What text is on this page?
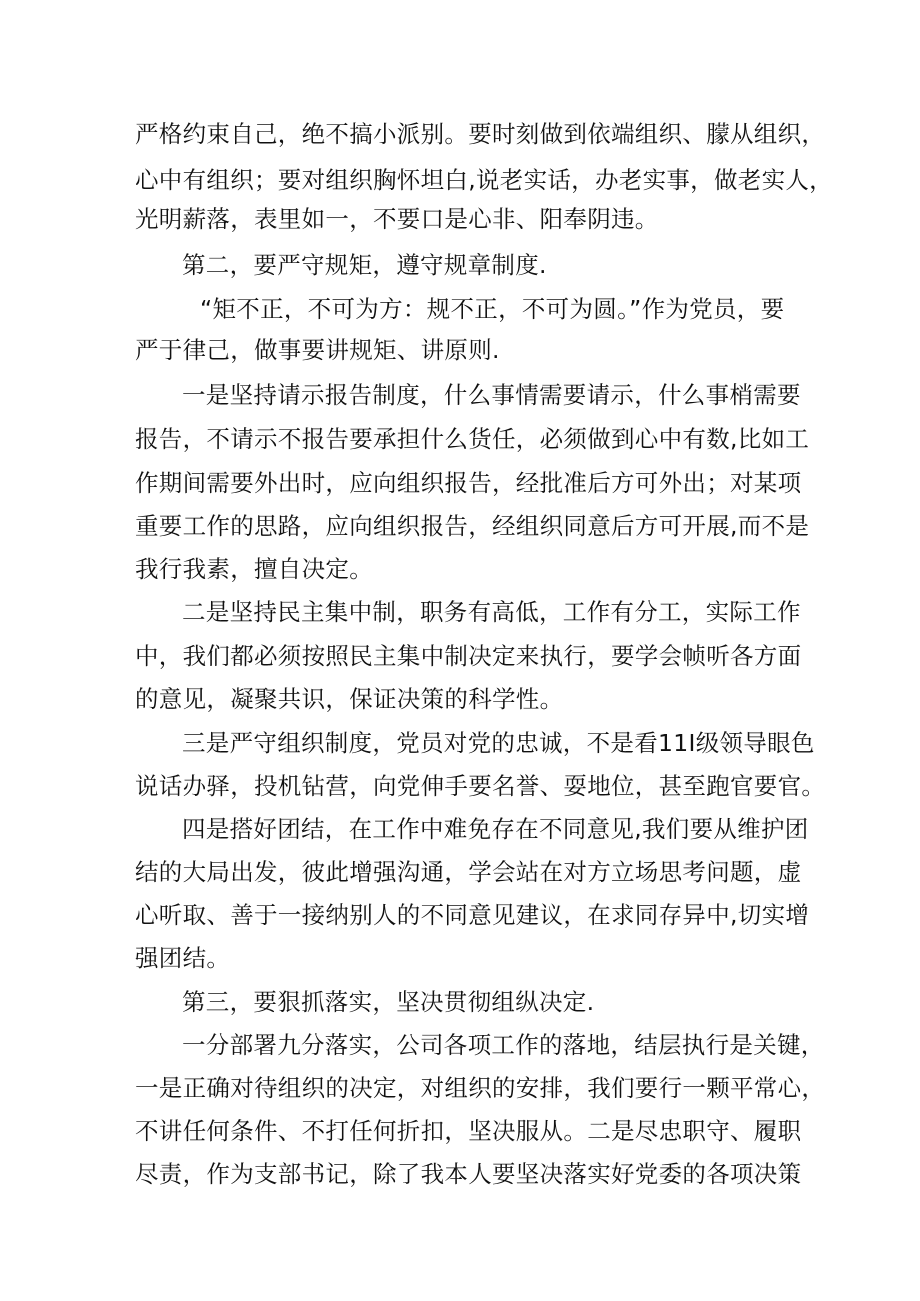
严格约束自己，绝不搞小派别。要时刻做到依端组织、朦从组织，
心中有组织；要对组织胸怀坦白,说老实话，办老实事，做老实人，
光明薪落，表里如一，不要口是心非、阳奉阴违。
第二，要严守规矩，遵守规章制度.
“矩不正，不可为方：规不正，不可为圆。”作为党员，要
严于律己，做事要讲规矩、讲原则.
一是坚持请示报告制度，什么事情需要请示，什么事梢需要
报告，不请示不报告要承担什么货任，必须做到心中有数,比如工
作期间需要外出时，应向组织报告，经批准后方可外出；对某项
重要工作的思路，应向组织报告，经组织同意后方可开展,而不是
我行我素，擅自决定。
二是坚持民主集中制，职务有高低，工作有分工，实际工作
中，我们都必须按照民主集中制决定来执行，要学会帧听各方面
的意见，凝聚共识，保证决策的科学性。
三是严守组织制度，党员对党的忠诚，不是看11I级领导眼色
说话办驿，投机钻营，向党伸手要名誉、耍地位，甚至跑官要官。
四是搭好团结，在工作中难免存在不同意见,我们要从维护团
结的大局出发，彼此增强沟通，学会站在对方立场思考问题，虚
心听取、善于一接纳别人的不同意见建议，在求同存异中,切实增
强团结。
第三，要狠抓落实，坚决贯彻组纵决定.
一分部署九分落实，公司各项工作的落地，结层执行是关键，
一是正确对待组织的决定，对组织的安排，我们要行一颗平常心，
不讲任何条件、不打任何折扣，坚决服从。二是尽忠职守、履职
尽责，作为支部书记，除了我本人要坚决落实好党委的各项决策
